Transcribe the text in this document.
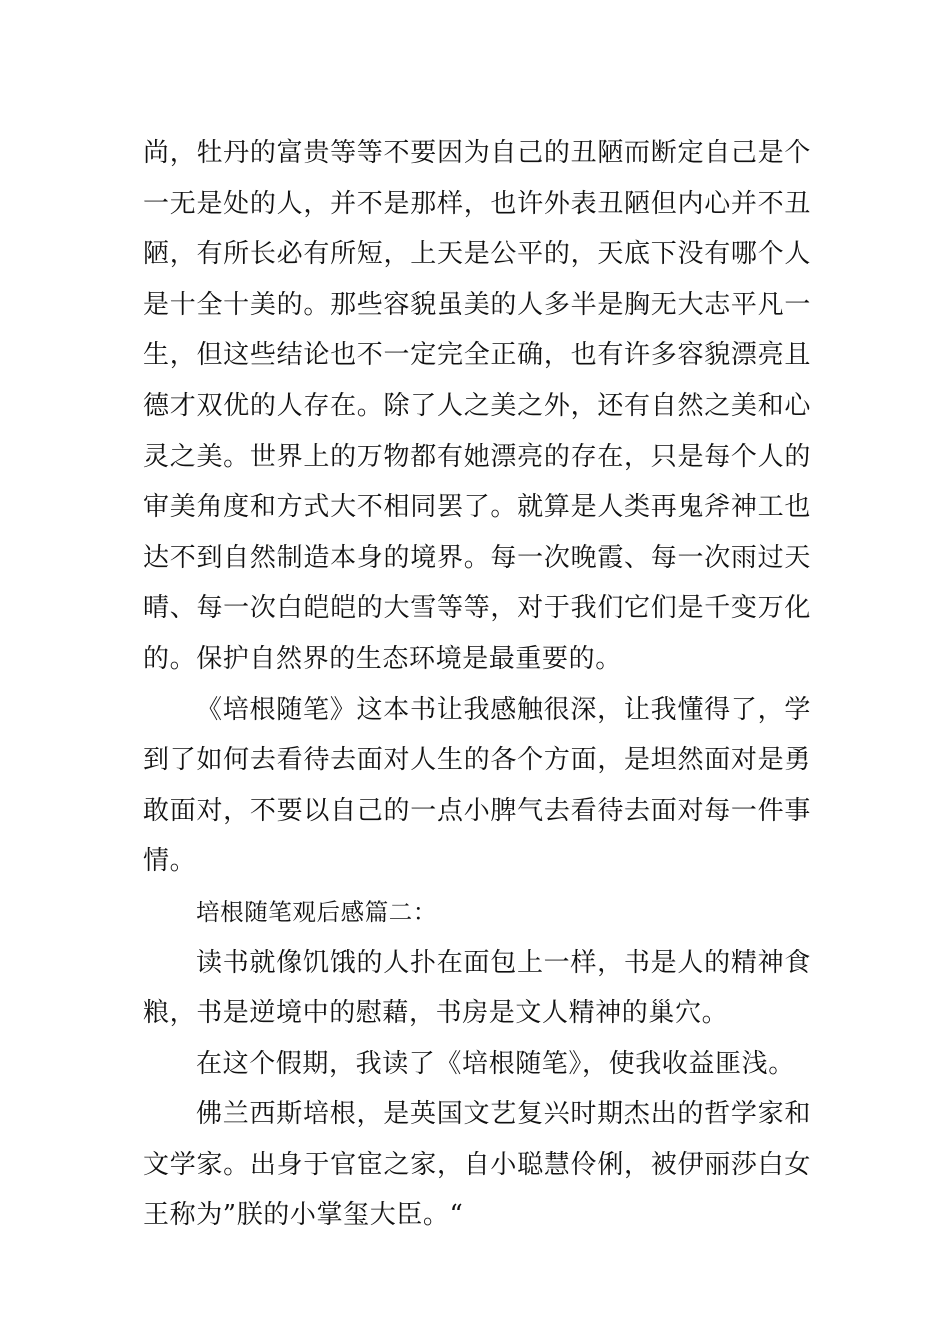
尚，牡丹的富贵等等不要因为自己的丑陋而断定自己是个一无是处的人，并不是那样，也许外表丑陋但内心并不丑陋，有所长必有所短，上天是公平的，天底下没有哪个人是十全十美的。那些容貌虽美的人多半是胸无大志平凡一生，但这些结论也不一定完全正确，也有许多容貌漂亮且德才双优的人存在。除了人之美之外，还有自然之美和心灵之美。世界上的万物都有她漂亮的存在，只是每个人的审美角度和方式大不相同罢了。就算是人类再鬼斧神工也达不到自然制造本身的境界。每一次晚霞、每一次雨过天晴、每一次白皑皑的大雪等等，对于我们它们是千变万化的。保护自然界的生态环境是最重要的。

《培根随笔》这本书让我感触很深，让我懂得了，学到了如何去看待去面对人生的各个方面，是坦然面对是勇敢面对，不要以自己的一点小脾气去看待去面对每一件事情。

培根随笔观后感篇二：

读书就像饥饿的人扑在面包上一样，书是人的精神食粮，书是逆境中的慰藉，书房是文人精神的巢穴。

在这个假期，我读了《培根随笔》，使我收益匪浅。

佛兰西斯培根，是英国文艺复兴时期杰出的哲学家和文学家。出身于官宦之家，自小聪慧伶俐，被伊丽莎白女王称为”朕的小掌玺大臣。“
